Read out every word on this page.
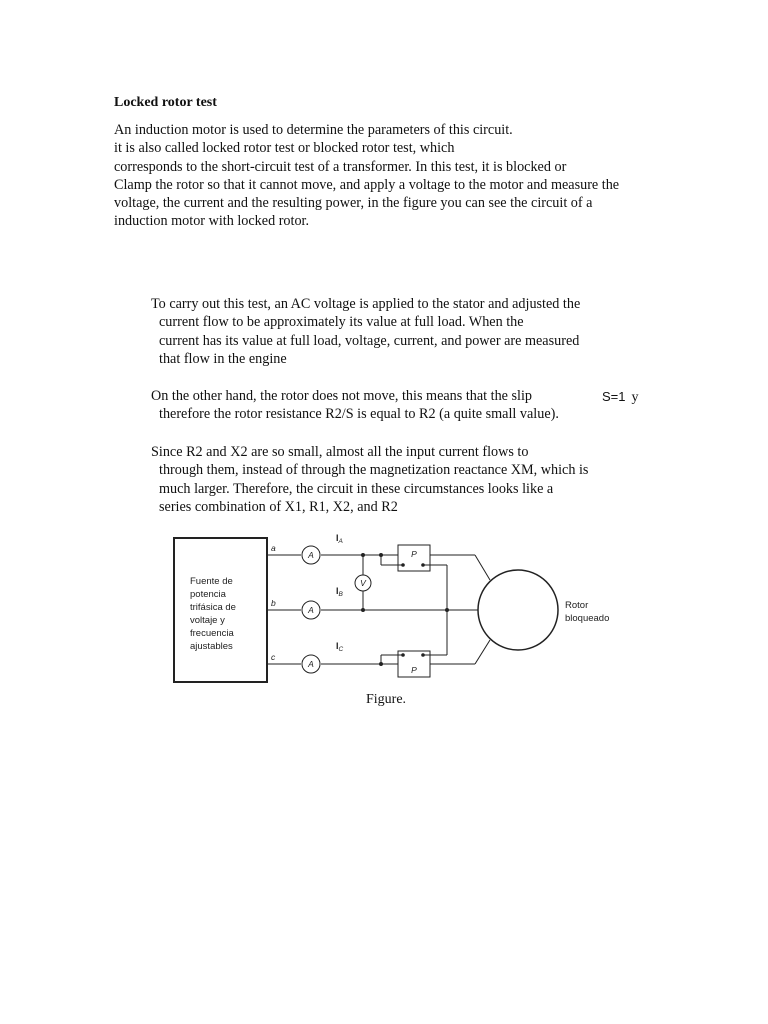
Locked rotor test
An induction motor is used to determine the parameters of this circuit.
it is also called locked rotor test or blocked rotor test, which
corresponds to the short-circuit test of a transformer. In this test, it is blocked or
Clamp the rotor so that it cannot move, and apply a voltage to the motor and measure the
voltage, the current and the resulting power, in the figure you can see the circuit of a
induction motor with locked rotor.
To carry out this test, an AC voltage is applied to the stator and adjusted the
current flow to be approximately its value at full load. When the
current has its value at full load, voltage, current, and power are measured
that flow in the engine
On the other hand, the rotor does not move, this means that the slip
therefore the rotor resistance R2/S is equal to R2 (a quite small value).
S=1 y
Since R2 and X2 are so small, almost all the input current flows to
through them, instead of through the magnetization reactance XM, which is
much larger. Therefore, the circuit in these circumstances looks like a
series combination of X1, R1, X2, and R2
Fuente de
potencia
trifásica de
voltaje y
frecuencia
ajustables
Rotor
bloqueado
a
b
c
A
A
A
V
P
P
$I_A$
$I_B$
$I_C$
Figure.
